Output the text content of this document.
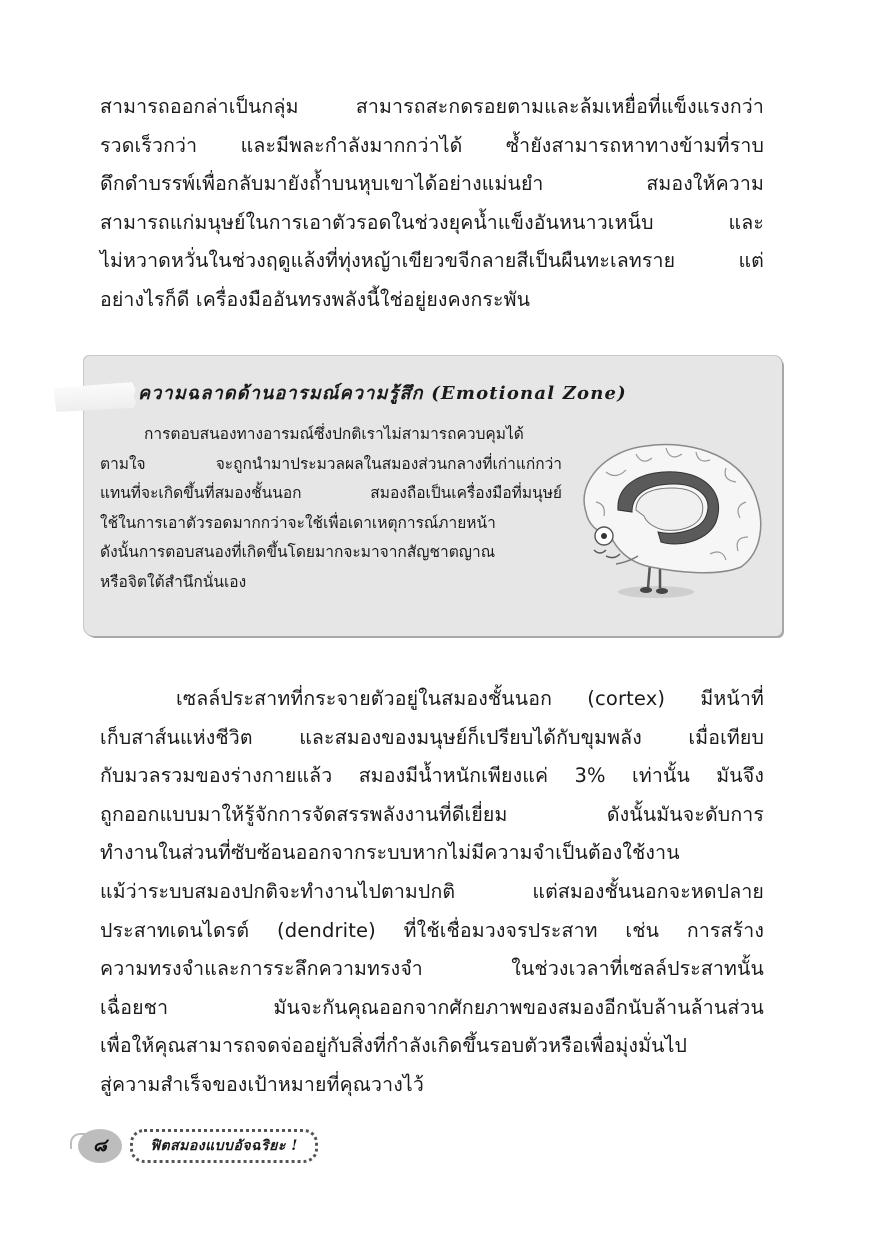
สามารถออกล่าเป็นกลุ่ม สามารถสะกดรอยตามและล้มเหยื่อที่แข็งแรงกว่า
รวดเร็วกว่า และมีพละกำลังมากกว่าได้ ซ้ำยังสามารถหาทางข้ามที่ราบ
ดึกดำบรรพ์เพื่อกลับมายังถ้ำบนหุบเขาได้อย่างแม่นยำ สมองให้ความ
สามารถแก่มนุษย์ในการเอาตัวรอดในช่วงยุคน้ำแข็งอันหนาวเหน็บ และ
ไม่หวาดหวั่นในช่วงฤดูแล้งที่ทุ่งหญ้าเขียวขจีกลายสีเป็นผืนทะเลทราย แต่
อย่างไรก็ดี เครื่องมืออันทรงพลังนี้ใช่อยู่ยงคงกระพัน
ความฉลาดด้านอารมณ์ความรู้สึก (Emotional Zone)
การตอบสนองทางอารมณ์ซึ่งปกติเราไม่สามารถควบคุมได้
ตามใจ จะถูกนำมาประมวลผลในสมองส่วนกลางที่เก่าแก่กว่า
แทนที่จะเกิดขึ้นที่สมองชั้นนอก สมองถือเป็นเครื่องมือที่มนุษย์
ใช้ในการเอาตัวรอดมากกว่าจะใช้เพื่อเดาเหตุการณ์ภายหน้า
ดังนั้นการตอบสนองที่เกิดขึ้นโดยมากจะมาจากสัญชาตญาณ
หรือจิตใต้สำนึกนั่นเอง
เซลล์ประสาทที่กระจายตัวอยู่ในสมองชั้นนอก (cortex) มีหน้าที่
เก็บสาส์นแห่งชีวิต และสมองของมนุษย์ก็เปรียบได้กับขุมพลัง เมื่อเทียบ
กับมวลรวมของร่างกายแล้ว สมองมีน้ำหนักเพียงแค่ 3% เท่านั้น มันจึง
ถูกออกแบบมาให้รู้จักการจัดสรรพลังงานที่ดีเยี่ยม ดังนั้นมันจะดับการ
ทำงานในส่วนที่ซับซ้อนออกจากระบบหากไม่มีความจำเป็นต้องใช้งาน
แม้ว่าระบบสมองปกติจะทำงานไปตามปกติ แต่สมองชั้นนอกจะหดปลาย
ประสาทเดนไดรต์ (dendrite) ที่ใช้เชื่อมวงจรประสาท เช่น การสร้าง
ความทรงจำและการระลึกความทรงจำ ในช่วงเวลาที่เซลล์ประสาทนั้น
เฉื่อยชา มันจะกันคุณออกจากศักยภาพของสมองอีกนับล้านล้านส่วน
เพื่อให้คุณสามารถจดจ่ออยู่กับสิ่งที่กำลังเกิดขึ้นรอบตัวหรือเพื่อมุ่งมั่นไป
สู่ความสำเร็จของเป้าหมายที่คุณวางไว้
๘	ฟิตสมองแบบอัจฉริยะ !
